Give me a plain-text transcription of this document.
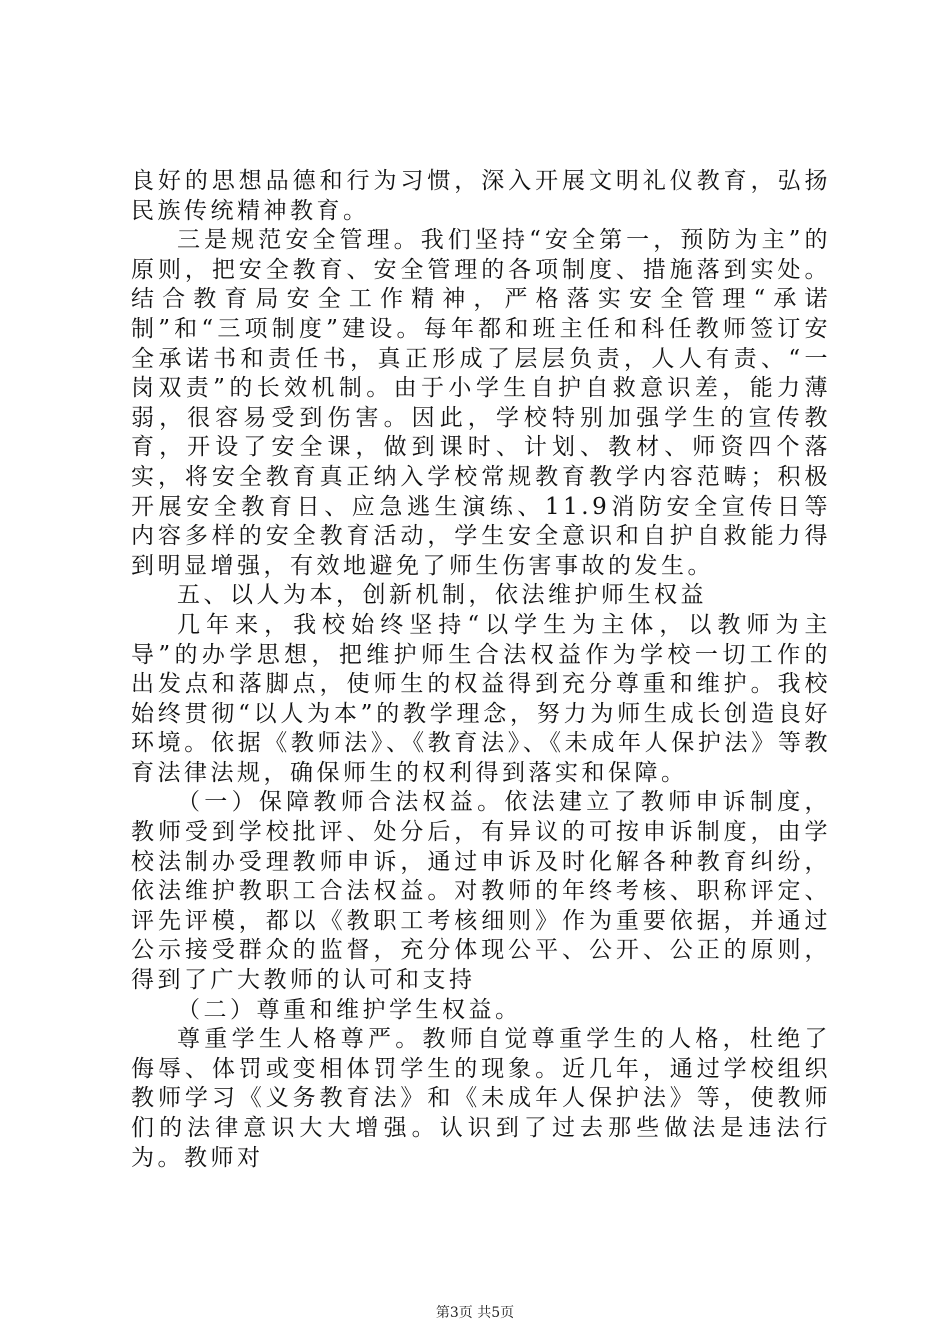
良好的思想品德和行为习惯，深入开展文明礼仪教育，弘扬民族传统精神教育。

三是规范安全管理。我们坚持“安全第一，预防为主”的原则，把安全教育、安全管理的各项制度、措施落到实处。结合教育局安全工作精神，严格落实安全管理“承诺制”和“三项制度”建设。每年都和班主任和科任教师签订安全承诺书和责任书，真正形成了层层负责，人人有责、“一岗双责”的长效机制。由于小学生自护自救意识差，能力薄弱，很容易受到伤害。因此，学校特别加强学生的宣传教育，开设了安全课，做到课时、计划、教材、师资四个落实，将安全教育真正纳入学校常规教育教学内容范畴；积极开展安全教育日、应急逃生演练、11.9消防安全宣传日等内容多样的安全教育活动，学生安全意识和自护自救能力得到明显增强，有效地避免了师生伤害事故的发生。

五、以人为本，创新机制，依法维护师生权益

几年来，我校始终坚持“以学生为主体，以教师为主导”的办学思想，把维护师生合法权益作为学校一切工作的出发点和落脚点，使师生的权益得到充分尊重和维护。我校始终贯彻“以人为本”的教学理念，努力为师生成长创造良好环境。依据《教师法》、《教育法》、《未成年人保护法》等教育法律法规，确保师生的权利得到落实和保障。

（一）保障教师合法权益。依法建立了教师申诉制度，教师受到学校批评、处分后，有异议的可按申诉制度，由学校法制办受理教师申诉，通过申诉及时化解各种教育纠纷，依法维护教职工合法权益。对教师的年终考核、职称评定、评先评模，都以《教职工考核细则》作为重要依据，并通过公示接受群众的监督，充分体现公平、公开、公正的原则，得到了广大教师的认可和支持

（二）尊重和维护学生权益。

尊重学生人格尊严。教师自觉尊重学生的人格，杜绝了侮辱、体罚或变相体罚学生的现象。近几年，通过学校组织教师学习《义务教育法》和《未成年人保护法》等，使教师们的法律意识大大增强。认识到了过去那些做法是违法行为。教师对

第3页 共5页
